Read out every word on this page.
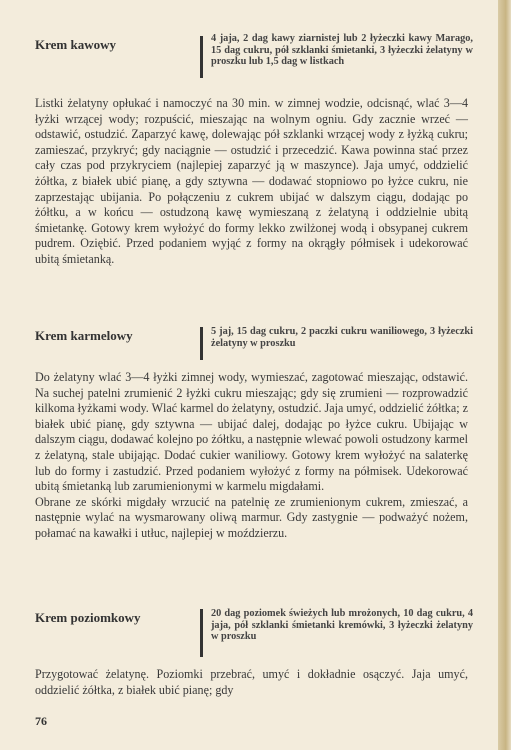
Krem kawowy	4 jaja, 2 dag kawy ziarnistej lub 2 łyżeczki kawy Marago, 15 dag cukru, pół szklanki śmietanki, 3 łyżeczki żelatyny w proszku lub 1,5 dag w listkach

Listki żelatyny opłukać i namoczyć na 30 min. w zimnej wodzie, odcisnąć, wlać 3—4 łyżki wrzącej wody; rozpuścić, mieszając na wolnym ogniu. Gdy zacznie wrzeć — odstawić, ostudzić. Zaparzyć kawę, dolewając pół szklanki wrzącej wody z łyżką cukru; zamieszać, przykryć; gdy naciągnie — ostudzić i przecedzić. Kawa powinna stać przez cały czas pod przykryciem (najlepiej zaparzyć ją w maszynce). Jaja umyć, oddzielić żółtka, z białek ubić pianę, a gdy sztywna — dodawać stopniowo po łyżce cukru, nie zaprzestając ubijania. Po połączeniu z cukrem ubijać w dalszym ciągu, dodając po żółtku, a w końcu — ostudzoną kawę wymieszaną z żelatyną i oddzielnie ubitą śmietankę. Gotowy krem wyłożyć do formy lekko zwilżonej wodą i obsypanej cukrem pudrem. Oziębić. Przed podaniem wyjąć z formy na okrągły półmisek i udekorować ubitą śmietanką.

Krem karmelowy	5 jaj, 15 dag cukru, 2 paczki cukru waniliowego, 3 łyżeczki żelatyny w proszku

Do żelatyny wlać 3—4 łyżki zimnej wody, wymieszać, zagotować mieszając, odstawić. Na suchej patelni zrumienić 2 łyżki cukru mieszając; gdy się zrumieni — rozprowadzić kilkoma łyżkami wody. Wlać karmel do żelatyny, ostudzić. Jaja umyć, oddzielić żółtka; z białek ubić pianę, gdy sztywna — ubijać dalej, dodając po łyżce cukru. Ubijając w dalszym ciągu, dodawać kolejno po żółtku, a następnie wlewać powoli ostudzony karmel z żelatyną, stale ubijając. Dodać cukier waniliowy. Gotowy krem wyłożyć na salaterkę lub do formy i zastudzić. Przed podaniem wyłożyć z formy na półmisek. Udekorować ubitą śmietanką lub zarumienionymi w karmelu migdałami.

Obrane ze skórki migdały wrzucić na patelnię ze zrumienionym cukrem, zmieszać, a następnie wylać na wysmarowany oliwą marmur. Gdy zastygnie — podważyć nożem, połamać na kawałki i utłuc, najlepiej w moździerzu.

Krem poziomkowy	20 dag poziomek świeżych lub mrożonych, 10 dag cukru, 4 jaja, pół szklanki śmietanki kremówki, 3 łyżeczki żelatyny w proszku

Przygotować żelatynę. Poziomki przebrać, umyć i dokładnie osączyć. Jaja umyć, oddzielić żółtka, z białek ubić pianę; gdy

76
